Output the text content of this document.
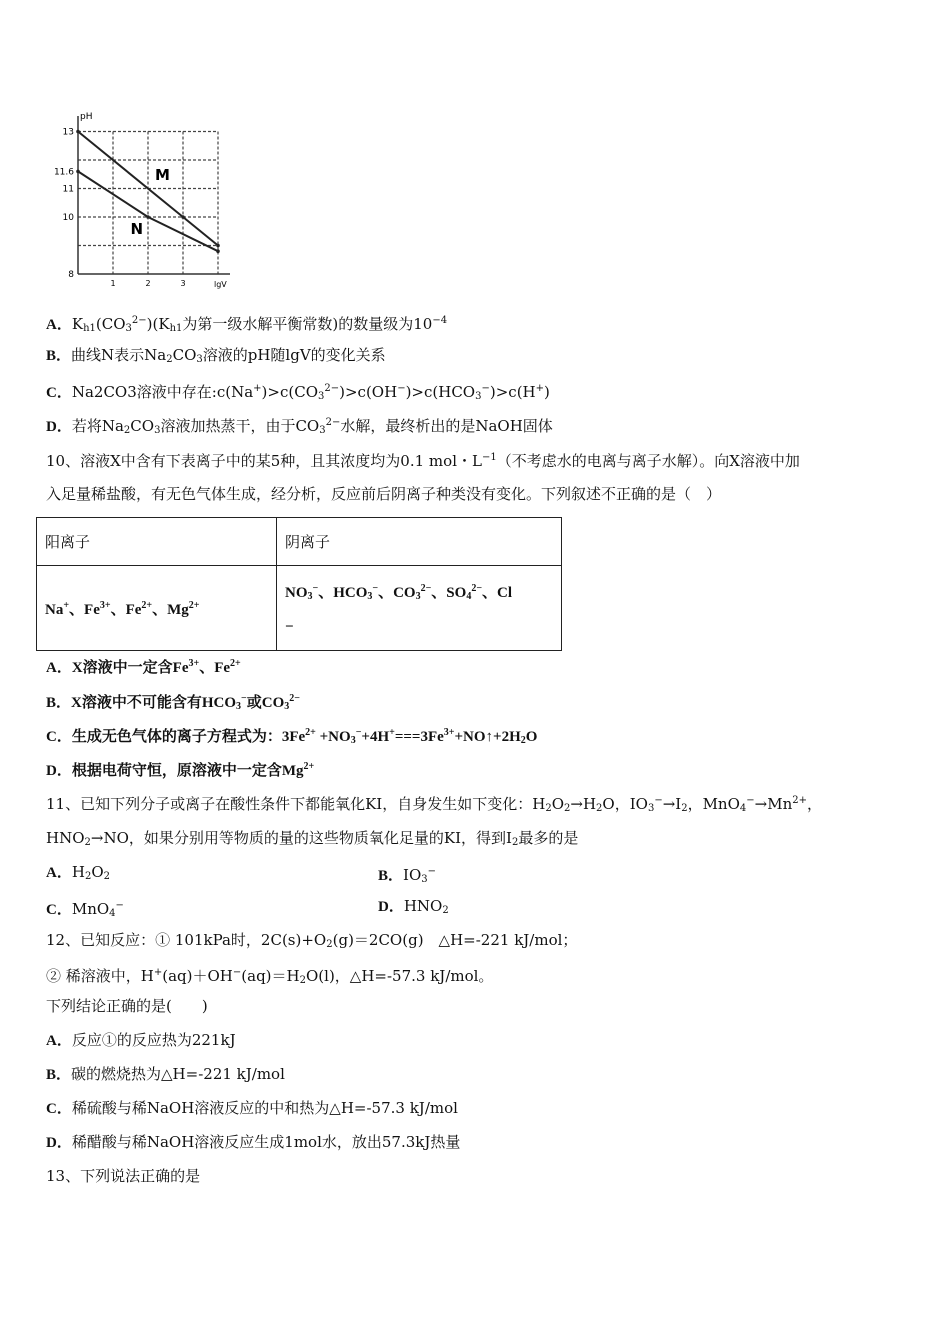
pH
lgV
13
11.6
11
10
8
1	2	3
M
N
A．$K_{h1}(CO_3^{2-})(K_{h1}$为第一级水解平衡常数)的数量级为$10^{-4}$
B．曲线N表示$Na_2CO_3$溶液的pH随lgV的变化关系
C．Na2CO3溶液中存在$:c(Na^+)>c(CO_3^{2-})>c(OH^-)>c(HCO_3^-)>c(H^+)$
D．若将$Na_2CO_3$溶液加热蒸干，由于$CO_3^{2-}$水解，最终析出的是NaOH固体
10、溶液X中含有下表离子中的某5种，且其浓度均为0.1 mol・$L^{-1}$（不考虑水的电离与离子水解）。向X溶液中加
入足量稀盐酸，有无色气体生成，经分析，反应前后阴离子种类没有变化。下列叙述不正确的是（　）
阳离子	阴离子
Na+、$Fe^{3+}$、$Fe^{2+}$、$Mg^{2+}$	$NO_3^-$、$HCO_3^-$、$CO_3^{2-}$、$SO_4^{2-}$、Cl
−
A．X溶液中一定含$Fe^{3+}$、$Fe^{2+}$
B．X溶液中不可能含有$HCO_3^-$或$CO_3^{2-}$
C．生成无色气体的离子方程式为：$3Fe^{2+}$ $+NO_3^-+4H^+===3Fe^{3+}+NO↑+2H_2O$
D．根据电荷守恒，原溶液中一定含$Mg^{2+}$
11、已知下列分子或离子在酸性条件下都能氧化KI，自身发生如下变化：$H_2O_2\to H_2O$，$IO_3^-\to I_2$，$MnO_4^-\to Mn^{2+}$，
$HNO_2\to NO$，如果分别用等物质的量的这些物质氧化足量的KI，得到$I_2$最多的是
A．$H_2O_2$	B．$IO_3^-$
C．MnO$_4$−	D．$HNO_2$
12、已知反应：① 101kPa时，$2C(s)+O_2(g)=2CO(g)$　△H=-221 kJ/mol；
② 稀溶液中，$H^+(aq)+OH^-(aq)=H_2O(l)$，△H=-57.3 kJ/mol。
下列结论正确的是(　　)
A．反应①的反应热为221kJ
B．碳的燃烧热为△H=-221 kJ/mol
C．稀硫酸与稀NaOH溶液反应的中和热为△H=-57.3 kJ/mol
D．稀醋酸与稀NaOH溶液反应生成1mol水，放出57.3kJ热量
13、下列说法正确的是
